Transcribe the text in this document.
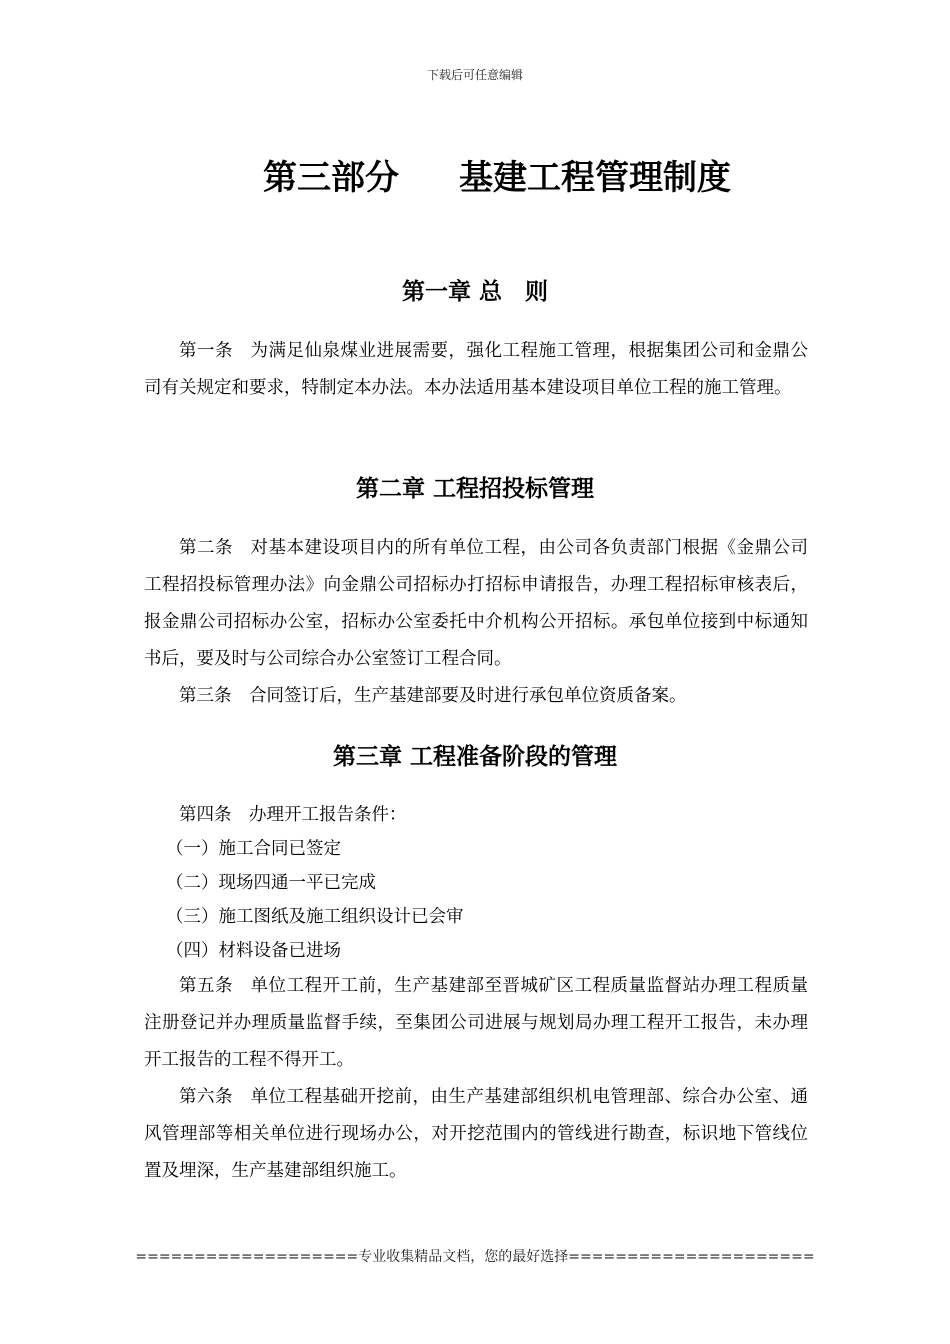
下载后可任意编辑
第三部分 基建工程管理制度
第一章 总　则

第一条 为满足仙泉煤业进展需要，强化工程施工管理，根据集团公司和金鼎公司有关规定和要求，特制定本办法。本办法适用基本建设项目单位工程的施工管理。

第二章 工程招投标管理

第二条 对基本建设项目内的所有单位工程，由公司各负责部门根据《金鼎公司工程招投标管理办法》向金鼎公司招标办打招标申请报告，办理工程招标审核表后，报金鼎公司招标办公室，招标办公室委托中介机构公开招标。承包单位接到中标通知书后，要及时与公司综合办公室签订工程合同。

第三条 合同签订后，生产基建部要及时进行承包单位资质备案。

第三章 工程准备阶段的管理

第四条 办理开工报告条件：

（一）施工合同已签定

（二）现场四通一平已完成

（三）施工图纸及施工组织设计已会审

（四）材料设备已进场

第五条 单位工程开工前，生产基建部至晋城矿区工程质量监督站办理工程质量注册登记并办理质量监督手续，至集团公司进展与规划局办理工程开工报告，未办理开工报告的工程不得开工。

第六条 单位工程基础开挖前，由生产基建部组织机电管理部、综合办公室、通风管理部等相关单位进行现场办公，对开挖范围内的管线进行勘查，标识地下管线位置及埋深，生产基建部组织施工。

===================专业收集精品文档，您的最好选择=====================
